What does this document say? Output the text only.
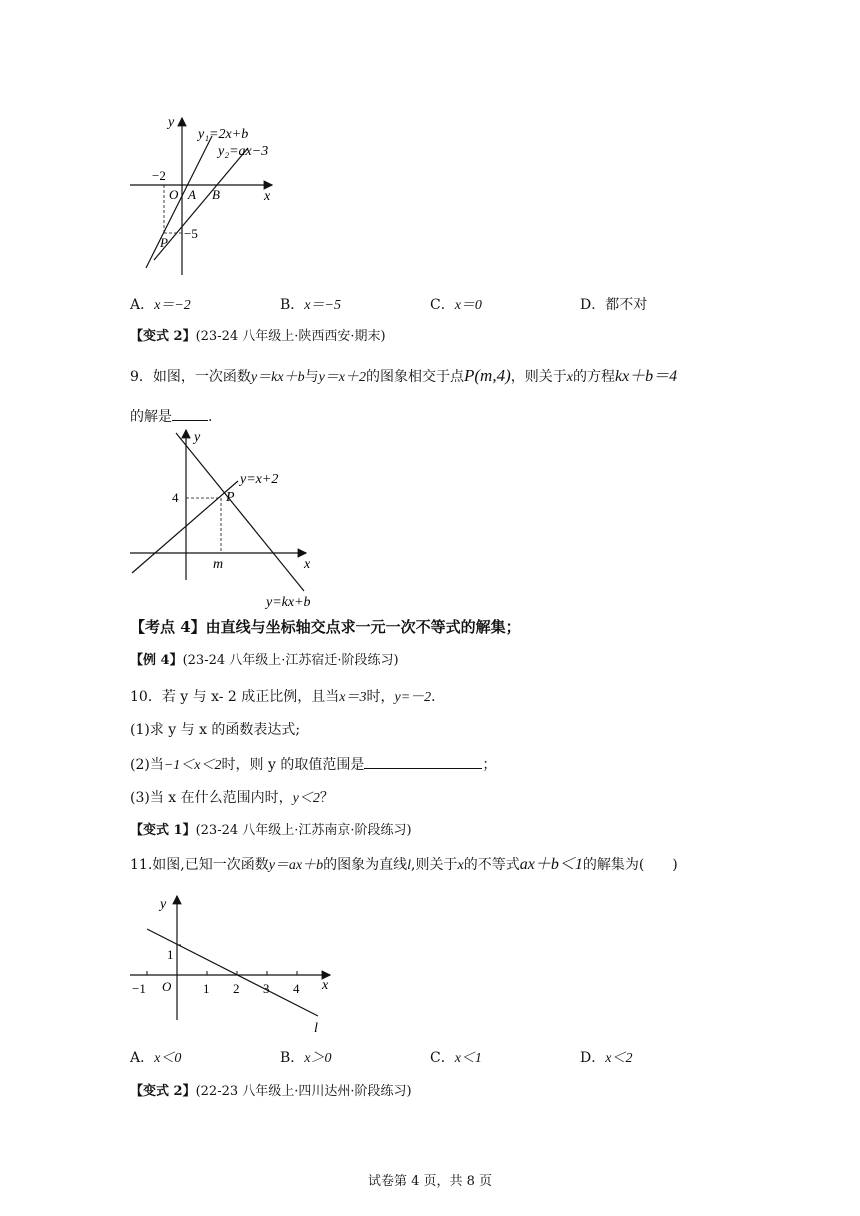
y
x
y₁=2x+b
y₂=ax−3
−2
O A B
P
−5
A．x＝−2	B．x＝−5	C．x＝0	D．都不对
【变式 2】(23-24 八年级上·陕西西安·期末)
9．如图，一次函数y＝kx＋b与y＝x＋2的图象相交于点P(m,4)，则关于x的方程kx＋b＝4
的解是	.
y
x
4	P
m
y=x+2
y=kx+b
【考点 4】由直线与坐标轴交点求一元一次不等式的解集；
【例 4】(23-24 八年级上·江苏宿迁·阶段练习)
10．若 y 与 x- 2 成正比例，且当x＝3时，y=－2．
(1)求 y 与 x 的函数表达式;
(2)当−1＜x＜2时，则 y 的取值范围是	；
(3)当 x 在什么范围内时，y＜2？
【变式 1】(23-24 八年级上·江苏南京·阶段练习)
11.如图,已知一次函数y＝ax＋b的图象为直线l,则关于x的不等式ax＋b＜1的解集为(　　)
y
x
1
−1 O 1 2 3 4
l
A．x＜0	B．x＞0	C．x＜1	D．x＜2
【变式 2】(22-23 八年级上·四川达州·阶段练习)
试卷第 4 页，共 8 页
